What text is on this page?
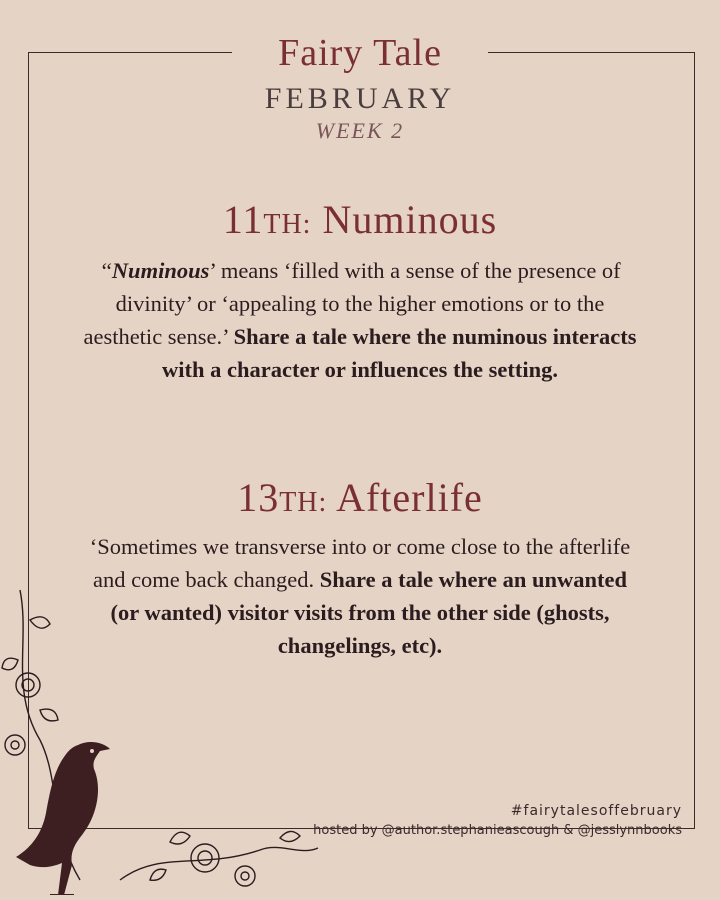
Fairy Tale
FEBRUARY
WEEK 2
11TH: Numinous
‘‘Numinous’ means ‘filled with a sense of the presence of divinity’ or ‘appealing to the higher emotions or to the aesthetic sense.’ Share a tale where the numinous interacts with a character or influences the setting.
13TH: Afterlife
‘Sometimes we transverse into or come close to the afterlife and come back changed. Share a tale where an unwanted (or wanted) visitor visits from the other side (ghosts, changelings, etc).
#fairytalesoffebruary
hosted by @author.stephanieascough & @jesslynnbooks
